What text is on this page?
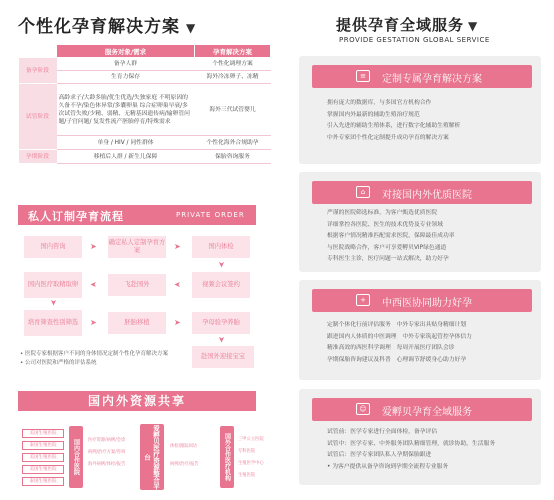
个性化孕育解决方案 ▼
	服务对象/需求	孕育解决方案
备孕阶段	备孕人群	个性化调理方案
	生育力保存	海外冷冻卵子、冻精
试管阶段	高龄求子/大龄多胎/优生优选/失独家庭 不明原因的久备不孕/染色体异常/多囊卵巢 综合症卵巢早衰/多次试管失败/少精、弱精、无精基因遗传病/输卵管问题/子宫问题/ 复发性流产胚胎停育/特殊需求	海外三代试管婴儿
	单身 / HIV / 同性群体	个性化海外合规助孕
孕期阶段	移植后人群 / 新生儿保障	保胎咨询服务
私人订制孕育流程	PRIVATE ORDER
国内咨询	➤ 确定私人定制孕育方案	➤	国内体检
➤
国内医疗取精取卵	➤	飞赴国外	➤	视频会议签约
➤
培育筛查性别筛选	➤	胚胎移植	➤	孕母验孕养胎
➤
赴国外迎接宝宝
• 医院专家根据客户不同的身体情况定制个性化孕育解决方案
• 公司对医院和严格的评估系统
国内外资源共享
美国生殖医院
泰国生殖医院
美国生殖医院
美国生殖医院
泰国生殖医院
国内合作医院	医疗资源/病例/会诊
病例/治疗方案/咨询
海外病例/体检/报告	爱孵贝医疗资源整合平台
体检/跟踪回访
病例/治疗/报告	国外合作医疗机构	三甲公立医院
专科医院
生殖医学中心
生殖医院
提供孕育全域服务 ▼
PROVIDE GESTATION GLOBAL SERVICE
≡	定制专属孕育解决方案
拥有庞大的数据库，与多国官方机构合作
掌握国内外最新的辅助生殖治疗规范
引入先进的辅助生殖体系，进行数字化辅助生殖解析
中外专家团个性化定制提升成功孕育的解决方案
⌂	对接国内外优质医院
严谨的医院筛选标准，为客户甄选优质医院
详细掌控各医院、医生的技术优势及专业领域
根据客户情况精准匹配需求医院，保障最佳成功率
与医院战略合作，客户可享爱孵贝VIP绿色通道
专科医生主诊，医疗问题一站式解决，助力好孕
+	中西医协同助力好孕
定制个体化行前评估服务　中外专家出具贴身精细计划
跟进国内人体质的中医调理　中外专家筑起管控孕体信力
精准高效的西医科学调理　每周开展医疗团队会诊
孕期保胎咨询建议及科普　心理调节舒缓身心助力好孕
☺	爱孵贝孕育全域服务
试管前：医学专家进行全面体检，备孕评估
试管中：医学专家、中外服务团队精细管理，就诊协助，生活服务
试管后：医学专家团队私人孕期保胎跟进
• 为客户提供从备孕咨询到孕期全流程专业服务
